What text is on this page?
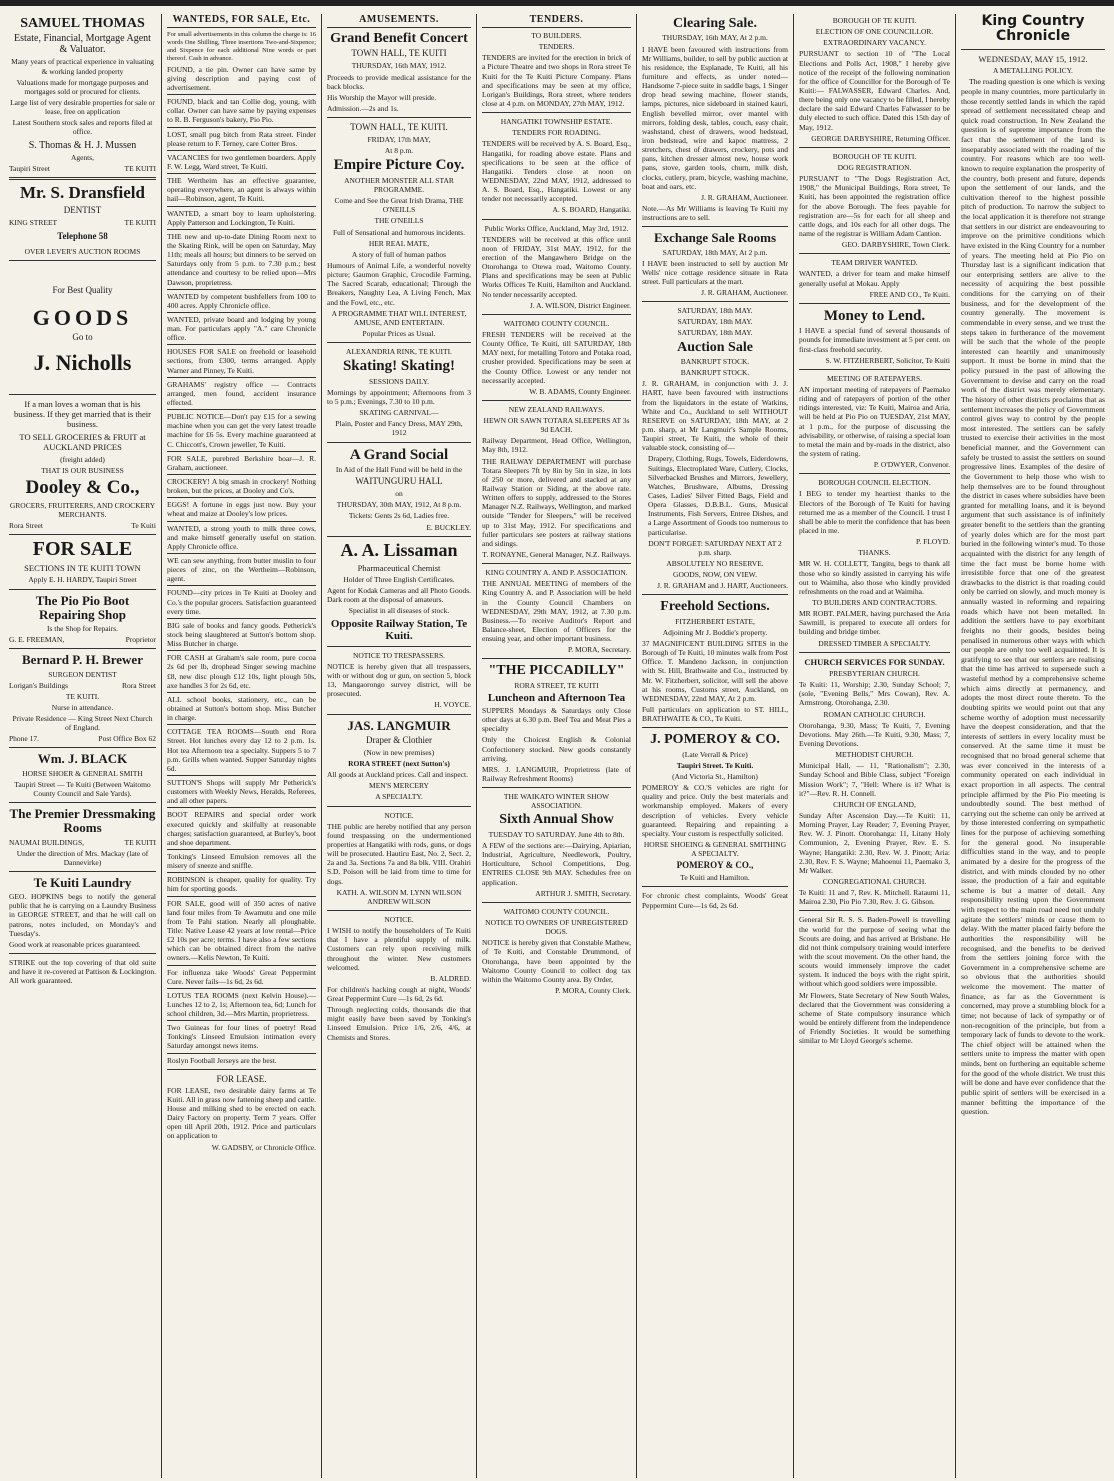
SAMUEL THOMAS
Estate, Financial, Mortgage Agent & Valuator.
Many years of practical experience in valuating & working landed property
Valuations made for mortgage purposes and mortgages sold or procured for clients.
Large list of very desirable properties for sale or lease, free on application
Latest Southern stock sales and reports filed at office.
S. Thomas & H. J. Mussen
Agents,
Taupiri Street	TE KUITI
Mr. S. Dransfield
DENTIST
KING STREET	TE KUITI
Telephone 58
OVER LEVER'S AUCTION ROOMS
For Best Quality
GOODS
Go to
J. Nicholls
If a man loves a woman that is his business. If they get married that is their business.
TO SELL GROCERIES & FRUIT at AUCKLAND PRICES
(freight added)
THAT IS OUR BUSINESS
Dooley & Co.,
GROCERS, FRUITERERS, AND CROCKERY MERCHANTS.
Rora Street	Te Kuiti
FOR SALE
SECTIONS IN TE KUITI TOWN
Apply E. H. HARDY, Taupiri Street
The Pio Pio Boot Repairing Shop
Is the Shop for Repairs.
G. E. FREEMAN,	Proprietor
Bernard P. H. Brewer
SURGEON DENTIST
Lorigan's Buildings	Rora Street
TE KUITI.
Nurse in attendance.
Private Residence — King Street Next Church of England.
Phone 17.	Post Office Box 62
Wm. J. BLACK
HORSE SHOER & GENERAL SMITH
Taupiri Street — Te Kuiti (Between Waitomo County Council and Sale Yards).
The Premier Dressmaking Rooms
NAUMAI BUILDINGS,	TE KUITI
Under the direction of Mrs. Mackay (late of Dannevirke)
Te Kuiti Laundry
GEO. HOPKINS begs to notify the general public that he is carrying on a Laundry Business in GEORGE STREET, and that he will call on patrons, notes included, on Monday's and Tuesday's.
Good work at reasonable prices guaranteed.
STRIKE out the top covering of that old suite and have it re-covered at Pattison & Lockington. All work guaranteed.
WANTEDS, FOR SALE, Etc.
For small advertisements in this column the charge is: 16 words One Shilling, Three insertions Two-and-Sixpence; and Sixpence for each additional Nine words or part thereof. Cash in advance.
FOUND, a tie pin. Owner can have same by giving description and paying cost of advertisement.
FOUND, black and tan Collie dog, young, with collar. Owner can have same by paying expenses to R. B. Ferguson's bakery, Pio Pio.
LOST, small pug bitch from Rata street. Finder please return to F. Terney, care Cotter Bros.
VACANCIES for two gentlemen boarders. Apply F. W. Legg, Ward street, Te Kuiti.
THE Wertheim has an effective guarantee, operating everywhere, an agent is always within hail—Robinson, agent, Te Kuiti.
WANTED, a smart boy to learn upholstering. Apply Patterson and Lockington, Te Kuiti.
THE new and up-to-date Dining Room next to the Skating Rink, will be open on Saturday, May 11th; meals all hours; but dinners to be served on Saturdays only from 5 p.m. to 7.30 p.m.; best attendance and courtesy to be relied upon—Mrs Dawson, proprietress.
WANTED by competent bushfellers from 100 to 400 acres. Apply Chronicle office.
WANTED, private board and lodging by young man. For particulars apply "A." care Chronicle office.
HOUSES FOR SALE on freehold or leasehold sections, from £300, terms arranged. Apply Warner and Pinney, Te Kuiti.
GRAHAMS' registry office — Contracts arranged, men found, accident insurance effected.
PUBLIC NOTICE—Don't pay £15 for a sewing machine when you can get the very latest treadle machine for £6 5s. Every machine guaranteed at C. Chiccott's, Crown jeweller, Te Kuiti.
FOR SALE, purebred Berkshire boar—J. R. Graham, auctioneer.
CROCKERY! A big smash in crockery! Nothing broken, but the prices, at Dooley and Co's.
EGGS! A fortune in eggs just now. Buy your wheat and maize at Dooley's low prices.
WANTED, a strong youth to milk three cows, and make himself generally useful on station. Apply Chronicle office.
WE can sew anything, from butter muslin to four pieces of zinc, on the Wertheim—Robinson, agent.
FOUND—city prices in Te Kuiti at Dooley and Co.'s the popular grocers. Satisfaction guaranteed every time.
BIG sale of books and fancy goods. Petherick's stock being slaughtered at Sutton's bottom shop. Miss Butcher in charge.
FOR CASH at Graham's sale room, pure cocoa 2s 6d per lb, drophead Singer sewing machine £8, new disc plough £12 10s, light plough 50s, axe handles 3 for 2s 6d, etc.
ALL school books, stationery, etc., can be obtained at Sutton's bottom shop. Miss Butcher in charge.
COTTAGE TEA ROOMS—South end Rora Street. Hot lunches every day 12 to 2 p.m. 1s. Hot tea Afternoon tea a specialty. Suppers 5 to 7 p.m. Grills when wanted. Supper Saturday nights 6d.
SUTTON'S Shops will supply Mr Petherick's customers with Weekly News, Heralds, Referees, and all other papers.
BOOT REPAIRS and special order work executed quickly and skilfully at reasonable charges; satisfaction guaranteed, at Burley's, boot and shoe department.
Tonking's Linseed Emulsion removes all the misery of sneeze and sniffle.
ROBINSON is cheaper, quality for quality. Try him for sporting goods.
FOR SALE, good will of 350 acres of native land four miles from Te Awamutu and one mile from Te Pahi station. Nearly all ploughable. Title: Native Lease 42 years at low rental—Price £2 10s per acre; terms. I have also a few sections which can be obtained direct from the native owners.—Kelis Newton, Te Kuiti.
For influenza take Woods' Great Peppermint Cure. Never fails—1s 6d, 2s 6d.
LOTUS TEA ROOMS (next Kelvin House).—Lunches 12 to 2, 1s; Afternoon tea, 6d; Lunch for school children, 3d.—Mrs Martin, proprietress.
Two Guineas for four lines of poetry! Read Tonking's Linseed Emulsion intimation every Saturday amongst news items.
Roslyn Football Jerseys are the best.
FOR LEASE.
FOR LEASE, two desirable dairy farms at Te Kuiti. All in grass now fattening sheep and cattle. House and milking shed to be erected on each. Dairy Factory on property. Term 7 years. Offer open till April 20th, 1912. Price and particulars on application to
W. GADSBY, or Chronicle Office.
AMUSEMENTS.
Grand Benefit Concert
TOWN HALL, TE KUITI
THURSDAY, 16th MAY, 1912.
Proceeds to provide medical assistance for the back blocks.
His Worship the Mayor will preside.
Admission.—2s and 1s.
TOWN HALL, TE KUITI.
FRIDAY, 17th MAY,
At 8 p.m.
Empire Picture Coy.
ANOTHER MONSTER ALL STAR PROGRAMME.
Come and See the Great Irish Drama, THE O'NEILLS
THE O'NEILLS
Full of Sensational and humorous incidents.
HER REAL MATE,
A story of full of human pathos
Humours of Animal Life, a wonderful novelty picture; Gaumon Graphic, Crocodile Farming, The Sacred Scarab, educational; Through the Breakers, Naughty Lea, A Living Fench, Max and the Fowl, etc., etc.
A PROGRAMME THAT WILL INTEREST, AMUSE, AND ENTERTAIN.
Popular Prices as Usual.
ALEXANDRIA RINK, TE KUITI.
Skating! Skating!
SESSIONS DAILY.
Mornings by appointment; Afternoons from 3 to 5 p.m.; Evenings, 7.30 to 10 p.m.
SKATING CARNIVAL—
Plain, Poster and Fancy Dress, MAY 29th, 1912
A Grand Social
In Aid of the Hall Fund will be held in the
WAITUNGURU HALL
on
THURSDAY, 30th MAY, 1912, At 8 p.m.
Tickets: Gents 2s 6d, Ladies free.
E. BUCKLEY.
A. A. Lissaman
Pharmaceutical Chemist
Holder of Three English Certificates.
Agent for Kodak Cameras and all Photo Goods. Dark room at the disposal of amateurs.
Specialist in all diseases of stock.
Opposite Railway Station, Te Kuiti.
NOTICE TO TRESPASSERS.
NOTICE is hereby given that all trespassers, with or without dog or gun, on section 5, block 13, Mangaorongo survey district, will be prosecuted.
H. VOYCE.
JAS. LANGMUIR
Draper & Clothier
(Now in new premises)
RORA STREET (next Sutton's)
All goods at Auckland prices. Call and inspect.
MEN'S MERCERY
A SPECIALTY.
NOTICE.
THE public are hereby notified that any person found trespassing on the undermentioned properties at Hangatiki with rods, guns, or dogs will be prosecuted. Hautiru East, No. 2, Sect. 2, 2a and 3a. Sections 7a and 8a blk. VIII. Orahiri S.D. Poison will be laid from time to time for dogs.
KATH. A. WILSON M. LYNN WILSON ANDREW WILSON
NOTICE.
I WISH to notify the householders of Te Kuiti that I have a plentiful supply of milk. Customers can rely upon receiving milk throughout the winter. New customers welcomed.
B. ALDRED.
For children's hacking cough at night, Woods' Great Peppermint Cure —1s 6d, 2s 6d.
Through neglecting colds, thousands die that might easily have been saved by Tonking's Linseed Emulsion. Price 1/6, 2/6, 4/6, at Chemists and Stores.
TENDERS.
TO BUILDERS.
TENDERS.
TENDERS are invited for the erection in brick of a Picture Theatre and two shops in Rora street Te Kuiti for the Te Kuiti Picture Company. Plans and specifications may be seen at my office, Lorigan's Buildings, Rora street, where tenders close at 4 p.m. on MONDAY, 27th MAY, 1912.
HANGATIKI TOWNSHIP ESTATE.
TENDERS FOR ROADING.
TENDERS will be received by A. S. Board, Esq., Hangatiki, for roading above estate. Plans and specifications to be seen at the office of Hangatiki. Tenders close at noon on WEDNESDAY, 22nd MAY, 1912, addressed to A. S. Board, Esq., Hangatiki. Lowest or any tender not necessarily accepted.
A. S. BOARD, Hangatiki.
Public Works Office, Auckland, May 3rd, 1912.
TENDERS will be received at this office until noon of FRIDAY, 31st MAY, 1912, for the erection of the Mangawhero Bridge on the Otorohanga to Otewa road, Waitomo County. Plans and specifications may be seen at Public Works Offices Te Kuiti, Hamilton and Auckland. No tender necessarily accepted.
J. A. WILSON, District Engineer.
WAITOMO COUNTY COUNCIL.
FRESH TENDERS will be received at the County Office, Te Kuiti, till SATURDAY, 18th MAY next, for metalling Totoro and Potaka road, crusher provided. Specifications may be seen at the County Office. Lowest or any tender not necessarily accepted.
W. B. ADAMS, County Engineer.
NEW ZEALAND RAILWAYS.
HEWN OR SAWN TOTARA SLEEPERS AT 3s 9d EACH.
Railway Department, Head Office, Wellington, May 8th, 1912.
THE RAILWAY DEPARTMENT will purchase Totara Sleepers 7ft by 8in by 5in in size, in lots of 250 or more, delivered and stacked at any Railway Station or Siding, at the above rate. Written offers to supply, addressed to the Stores Manager N.Z. Railways, Wellington, and marked outside "Tender for Sleepers," will be received up to 31st May, 1912. For specifications and fuller particulars see posters at railway stations and sidings.
T. RONAYNE, General Manager, N.Z. Railways.
KING COUNTRY A. AND P. ASSOCIATION.
THE ANNUAL MEETING of members of the King Country A. and P. Association will be held in the County Council Chambers on WEDNESDAY, 29th MAY, 1912, at 7.30 p.m. Business.—To receive Auditor's Report and Balance-sheet, Election of Officers for the ensuing year, and other important business.
P. MORA, Secretary.
"THE PICCADILLY"
RORA STREET, TE KUITI
Luncheon and Afternoon Tea
SUPPERS Mondays & Saturdays only Close other days at 6.30 p.m. Beef Tea and Meat Pies a specialty
Only the Choicest English & Colonial Confectionery stocked. New goods constantly arriving.
MRS. J. LANGMUIR, Proprietress (late of Railway Refreshment Rooms)
THE WAIKATO WINTER SHOW ASSOCIATION.
Sixth Annual Show
TUESDAY TO SATURDAY. June 4th to 8th.
A FEW of the sections are:—Dairying, Apiarian, Industrial, Agriculture, Needlework, Poultry, Horticulture, School Competitions, Dog. ENTRIES CLOSE 9th MAY. Schedules free on application.
ARTHUR J. SMITH, Secretary.
WAITOMO COUNTY COUNCIL.
NOTICE TO OWNERS OF UNREGISTERED DOGS.
NOTICE is hereby given that Constable Mathew, of Te Kuiti, and Constable Drummond, of Otorohanga, have been appointed by the Waitomo County Council to collect dog tax within the Waitomo County area. By Order,
P. MORA, County Clerk.
Clearing Sale.
THURSDAY, 16th MAY, At 2 p.m.
I HAVE been favoured with instructions from Mr Williams, builder, to sell by public auction at his residence, the Esplanade, Te Kuiti, all his furniture and effects, as under noted— Handsome 7-piece suite in saddle bags, 1 Singer drop head sewing machine, flower stands, lamps, pictures, nice sideboard in stained kauri, English bevelled mirror, over mantel with mirrors, folding desk, tables, couch, easy chair, washstand, chest of drawers, wood bedstead, iron bedstead, wire and kapoc mattress, 2 stretchers, chest of drawers, crockery, pots and pans, kitchen dresser almost new, house work pans, stove, garden tools, churn, milk dish, clocks, cutlery, pram, bicycle, washing machine, boat and oars, etc.
J. R. GRAHAM, Auctioneer.
Note.—As Mr Williams is leaving Te Kuiti my instructions are to sell.
Exchange Sale Rooms
SATURDAY, 18th MAY, At 2 p.m.
I HAVE been instructed to sell by auction Mr Wells' nice cottage residence situate in Rata street. Full particulars at the mart.
J. R. GRAHAM, Auctioneer.
SATURDAY, 18th MAY.
SATURDAY, 18th MAY.
SATURDAY, 18th MAY.
Auction Sale
BANKRUPT STOCK.
BANKRUPT STOCK.
J. R. GRAHAM, in conjunction with J. J. HART, have been favoured with instructions from the liquidators in the estate of Watkins, White and Co., Auckland to sell WITHOUT RESERVE on SATURDAY, 18th MAY, at 2 p.m. sharp, at Mr Langmuir's Sample Rooms, Taupiri street, Te Kuiti, the whole of their valuable stock, consisting of—
Drapery, Clothing, Rugs, Towels, Eiderdowns, Suitings, Electroplated Ware, Cutlery, Clocks, Silverbacked Brushes and Mirrors, Jewellery, Watches, Brushware, Albums, Dressing Cases, Ladies' Silver Fitted Bags, Field and Opera Glasses, D.B.B.L. Guns, Musical Instruments, Fish Servers, Entree Dishes, and a Large Assortment of Goods too numerous to particularise.
DON'T FORGET: SATURDAY NEXT AT 2 p.m. sharp.
ABSOLUTELY NO RESERVE.
GOODS, NOW, ON VIEW.
J. R. GRAHAM and J. HART, Auctioneers.
Freehold Sections.
FITZHERBERT ESTATE,
Adjoining Mr J. Boddie's property.
37 MAGNIFICENT BUILDING SITES in the Borough of Te Kuiti, 10 minutes walk from Post Office. T. Mandeno Jackson, in conjunction with St. Hill, Brathwaite and Co., instructed by Mr. W. Fitzherbert, solicitor, will sell the above at his rooms, Customs street, Auckland, on WEDNESDAY, 22nd MAY, At 2 p.m.
Full particulars on application to ST. HILL, BRATHWAITE & CO., Te Kuiti.
J. POMEROY & CO.
(Late Verrall & Price)
Taupiri Street. Te Kuiti.
(And Victoria St., Hamilton)
POMEROY & CO.'S vehicles are right for quality and price. Only the best materials and workmanship employed. Makers of every description of vehicles. Every vehicle guaranteed. Repairing and repainting a specialty. Your custom is respectfully solicited.
HORSE SHOEING & GENERAL SMITHING A SPECIALTY.
POMEROY & CO.,
Te Kuiti and Hamilton.
For chronic chest complaints, Woods' Great Peppermint Cure—1s 6d, 2s 6d.
BOROUGH OF TE KUITI.
ELECTION OF ONE COUNCILLOR.
EXTRAORDINARY VACANCY.
PURSUANT to section 10 of "The Local Elections and Polls Act, 1908," I hereby give notice of the receipt of the following nomination for the office of Councillor for the Borough of Te Kuiti:— FALWASSER, Edward Charles. And, there being only one vacancy to be filled, I hereby declare the said Edward Charles Falwasser to be duly elected to such office. Dated this 15th day of May, 1912.
GEORGE DARBYSHIRE, Returning Officer.
BOROUGH OF TE KUITI.
DOG REGISTRATION.
PURSUANT to "The Dogs Registration Act, 1908," the Municipal Buildings, Rora street, Te Kuiti, has been appointed the registration office for the above Borough. The fees payable for registration are—5s for each for all sheep and cattle dogs, and 10s each for all other dogs. The name of the registrar is William Adam Cantion.
GEO. DARBYSHIRE, Town Clerk.
TEAM DRIVER WANTED.
WANTED, a driver for team and make himself generally useful at Mokau. Apply
FREE AND CO., Te Kuiti.
Money to Lend.
I HAVE a special fund of several thousands of pounds for immediate investment at 5 per cent. on first-class freehold security.
S. W. FITZHERBERT, Solicitor, Te Kuiti
MEETING OF RATEPAYERS.
AN important meeting of ratepayers of Paemako riding and of ratepayers of portion of the other ridings interested, viz: Te Kuiti, Mairoa and Aria, will be held at Pio Pio on TUESDAY, 21st MAY, at 1 p.m., for the purpose of discussing the advisability, or otherwise, of raising a special loan to metal the main and by-roads in the district, also the system of rating.
P. O'DWYER, Convenor.
BOROUGH COUNCIL ELECTION.
I BEG to tender my heartiest thanks to the Electors of the Borough of Te Kuiti for having returned me as a member of the Council. I trust I shall be able to merit the confidence that has been placed in me.
P. FLOYD.
THANKS.
MR W. H. COLLETT, Tangitu, begs to thank all those who so kindly assisted in carrying his wife out to Waimiha, also those who kindly provided refreshments on the road and at Waimiha.
TO BUILDERS AND CONTRACTORS.
MR ROBT. PALMER, having purchased the Aria Sawmill, is prepared to execute all orders for building and bridge timber.
DRESSED TIMBER A SPECIALTY.
CHURCH SERVICES FOR SUNDAY.
PRESBYTERIAN CHURCH.
Te Kuiti: 11, Worship; 2.30, Sunday School; 7, (sole, "Evening Bells," Mrs Cowan), Rev. A. Armstrong. Otorohanga, 2.30.
ROMAN CATHOLIC CHURCH.
Otorohanga, 9.30, Mass; Te Kuiti, 7, Evening Devotions. May 26th.—Te Kuiti, 9.30, Mass; 7, Evening Devotions.
METHODIST CHURCH.
Municipal Hall, — 11, "Rationalism"; 2.30, Sunday School and Bible Class, subject "Foreign Mission Work"; 7, "Hell: Where is it? What is it?"—Rev. R. H. Connell.
CHURCH OF ENGLAND,
Sunday After Ascension Day.—Te Kuiti: 11, Morning Prayer, Lay Reader; 7, Evening Prayer, Rev. W. J. Pinott. Otorohanga: 11, Litany Holy Communion, 2, Evening Prayer, Rev. E. S. Wayne; Hangatiki: 2.30, Rev. W. J. Pinott; Aria: 2.30, Rev. F. S. Wayne; Mahoenui 11, Paemako 3, Mr Walker.
CONGREGATIONAL CHURCH.
Te Kuiti: 11 and 7, Rev. K. Mitchell. Rataumi 11, Mairoa 2.30, Pio Pio 7.30, Rev. J. G. Gibson.
General Sir R. S. S. Baden-Powell is travelling the world for the purpose of seeing what the Scouts are doing, and has arrived at Brisbane. He did not think compulsory training would interfere with the scout movement. On the other hand, the scouts would immensely improve the cadet system. It induced the boys with the right spirit, without which good soldiers were impossible.
Mr Flowers, State Secretary of New South Wales, declared that the Government was considering a scheme of State compulsory insurance which would be entirely different from the independence of Friendly Societies. It would be something similar to Mr Lloyd George's scheme.
King Country Chronicle
WEDNESDAY, MAY 15, 1912.
A METALLING POLICY.
The roading question is one which is vexing people in many countries, more particularly in those recently settled lands in which the rapid spread of settlement necessitated cheap and quick road construction. In New Zealand the question is of supreme importance from the fact that the settlement of the land is inseparably associated with the roading of the country. For reasons which are too well-known to require explanation the prosperity of the country, both present and future, depends upon the settlement of our lands, and the cultivation thereof to the highest possible pitch of production. To narrow the subject to the local application it is therefore not strange that settlers in our district are endeavouring to improve on the primitive conditions which have existed in the King Country for a number of years. The meeting held at Pio Pio on Thursday last is a significant indication that our enterprising settlers are alive to the necessity of acquiring the best possible conditions for the carrying on of their business, and for the development of the country generally. The movement is commendable in every sense, and we trust the steps taken in furtherance of the movement will be such that the whole of the people interested can heartily and unanimously support. It must be borne in mind that the policy pursued in the past of allowing the Government to devise and carry on the road work of the district was merely elementary. The history of other districts proclaims that as settlement increases the policy of Government control gives way to control by the people most interested. The settlers can be safely trusted to exercise their activities in the most beneficial manner, and the Government can safely be trusted to assist the settlers on sound progressive lines. Examples of the desire of the Government to help those who wish to help themselves are to be found throughout the district in cases where subsidies have been granted for metalling loans, and it is beyond argument that such assistance is of infinitely greater benefit to the settlers than the granting of yearly doles which are for the most part buried in the following winter's mud. To those acquainted with the district for any length of time the fact must be borne home with irresistible force that one of the greatest drawbacks to the district is that roading could only be carried on slowly, and much money is annually wasted in reforming and repairing roads which have not been metalled. In addition the settlers have to pay exorbitant freights no their goods, besides being penalised in numerous other ways with which our people are only too well acquainted. It is gratifying to see that our settlers are realising that the time has arrived to supersede such a wasteful method by a comprehensive scheme which aims directly at permanency, and adopts the most direct route thereto. To the doubting spirits we would point out that any scheme worthy of adoption must necessarily have the deepest consideration, and that the interests of settlers in every locality must be conserved. At the same time it must be recognised that no broad general scheme that was ever conceived in the interests of a community operated on each individual in exact proportion in all aspects. The central principle affirmed by the Pio Pio meeting is undoubtedly sound. The best method of carrying out the scheme can only be arrived at by those interested conferring on sympathetic lines for the purpose of achieving something for the general good. No insuperable difficulties stand in the way, and to people animated by a desire for the progress of the district, and with minds clouded by no other issue, the production of a fair and equitable scheme is but a matter of detail. Any responsibility resting upon the Government with respect to the main road need not unduly agitate the settlers' minds or cause them to delay. With the matter placed fairly before the authorities the responsibility will be recognised, and the benefits to be derived from the settlers joining force with the Government in a comprehensive scheme are so obvious that the authorities should welcome the movement. The matter of finance, as far as the Government is concerned, may prove a stumbling block for a time; not because of lack of sympathy or of non-recognition of the principle, but from a temporary lack of funds to devote to the work. The chief object will be attained when the settlers unite to impress the matter with open minds, bent on furthering an equitable scheme for the good of the whole district. We trust this will be done and have ever confidence that the public spirit of settlers will be exercised in a manner befitting the importance of the question.
